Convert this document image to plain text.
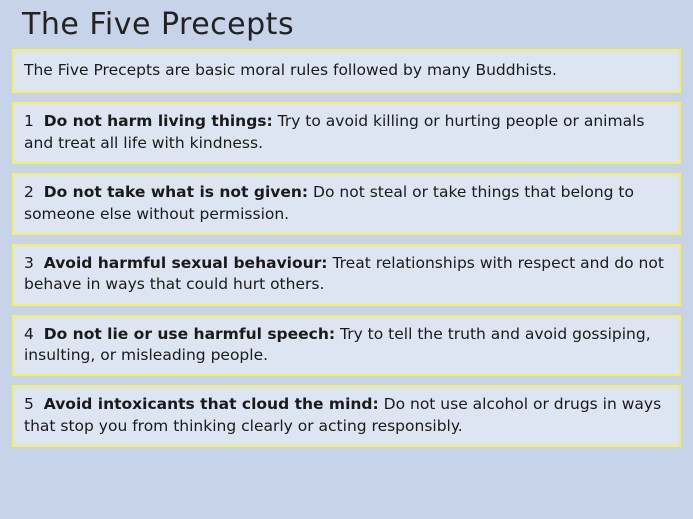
The Five Precepts
The Five Precepts are basic moral rules followed by many Buddhists.
1 Do not harm living things: Try to avoid killing or hurting people or animals and treat all life with kindness.
2 Do not take what is not given: Do not steal or take things that belong to someone else without permission.
3 Avoid harmful sexual behaviour: Treat relationships with respect and do not behave in ways that could hurt others.
4 Do not lie or use harmful speech: Try to tell the truth and avoid gossiping, insulting, or misleading people.
5 Avoid intoxicants that cloud the mind: Do not use alcohol or drugs in ways that stop you from thinking clearly or acting responsibly.
